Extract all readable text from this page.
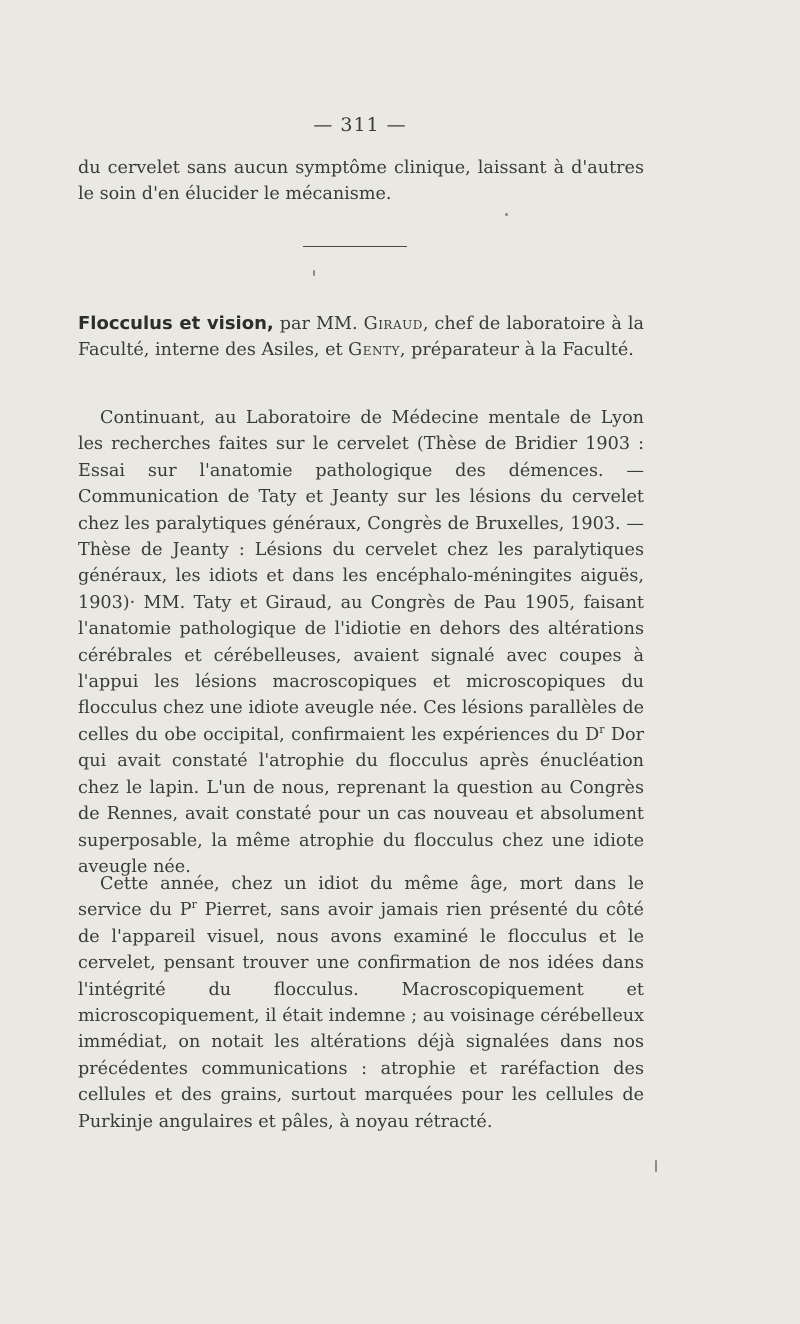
— 311 —

du cervelet sans aucun symptôme clinique, laissant à d'autres le soin d'en élucider le mécanisme.

Flocculus et vision, par MM. Giraud, chef de laboratoire à la Faculté, interne des Asiles, et Genty, préparateur à la Faculté.

Continuant, au Laboratoire de Médecine mentale de Lyon les recherches faites sur le cervelet (Thèse de Bridier 1903 : Essai sur l'anatomie pathologique des démences. — Communication de Taty et Jeanty sur les lésions du cervelet chez les paralytiques généraux, Congrès de Bruxelles, 1903. — Thèse de Jeanty : Lésions du cervelet chez les paralytiques généraux, les idiots et dans les encéphalo-méningites aiguës, 1903)· MM. Taty et Giraud, au Congrès de Pau 1905, faisant l'anatomie pathologique de l'idiotie en dehors des altérations cérébrales et cérébelleuses, avaient signalé avec coupes à l'appui les lésions macroscopiques et microscopiques du flocculus chez une idiote aveugle née. Ces lésions parallèles de celles du obe occipital, confirmaient les expériences du $D^r$ Dor qui avait constaté l'atrophie du flocculus après énucléation chez le lapin. L'un de nous, reprenant la question au Congrès de Rennes, avait constaté pour un cas nouveau et absolument superposable, la même atrophie du flocculus chez une idiote aveugle née.

Cette année, chez un idiot du même âge, mort dans le service du $P^r$ Pierret, sans avoir jamais rien présenté du côté de l'appareil visuel, nous avons examiné le flocculus et le cervelet, pensant trouver une confirmation de nos idées dans l'intégrité du flocculus. Macroscopiquement et microscopiquement, il était indemne ; au voisinage cérébelleux immédiat, on notait les altérations déjà signalées dans nos précédentes communications : atrophie et raréfaction des cellules et des grains, surtout marquées pour les cellules de Purkinje angulaires et pâles, à noyau rétracté.
